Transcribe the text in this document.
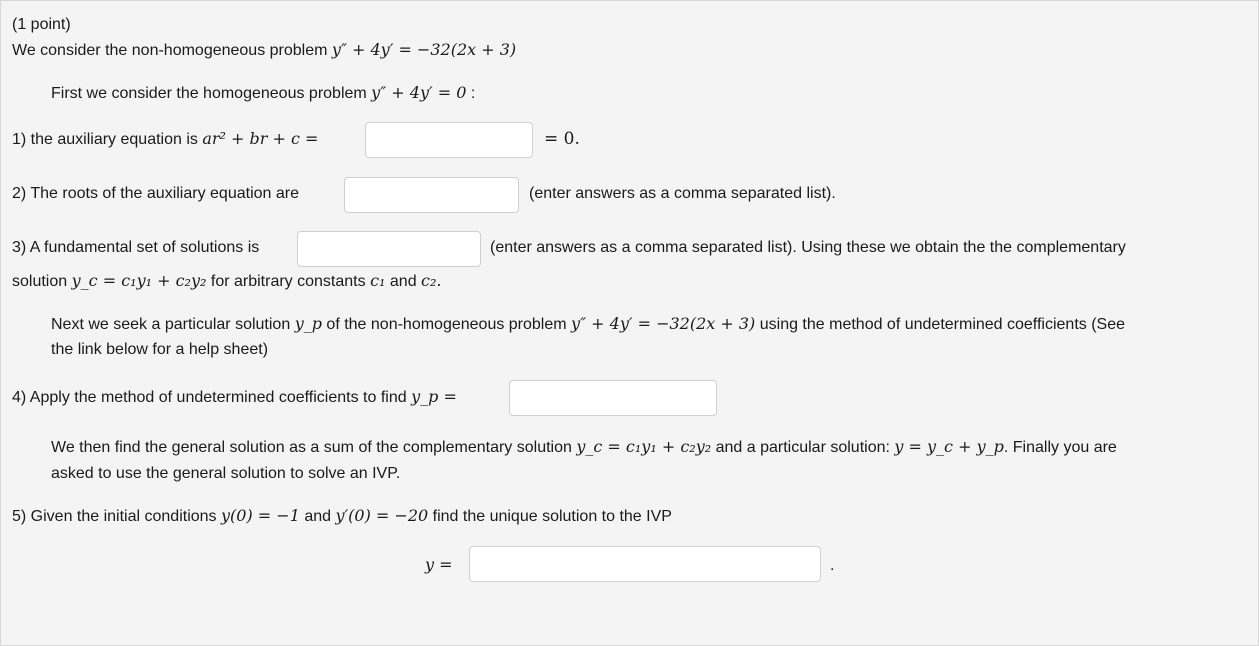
(1 point)
We consider the non-homogeneous problem y″ + 4y′ = −32(2x + 3)
First we consider the homogeneous problem y″ + 4y′ = 0 :
1) the auxiliary equation is ar² + br + c =	= 0.
2) The roots of the auxiliary equation are	(enter answers as a comma separated list).
3) A fundamental set of solutions is	(enter answers as a comma separated list). Using these we obtain the the complementary
solution y_c = c₁y₁ + c₂y₂ for arbitrary constants c₁ and c₂.
Next we seek a particular solution y_p of the non-homogeneous problem y″ + 4y′ = −32(2x + 3) using the method of undetermined coefficients (See
the link below for a help sheet)
4) Apply the method of undetermined coefficients to find y_p =
We then find the general solution as a sum of the complementary solution y_c = c₁y₁ + c₂y₂ and a particular solution: y = y_c + y_p. Finally you are
asked to use the general solution to solve an IVP.
5) Given the initial conditions y(0) = −1 and y′(0) = −20 find the unique solution to the IVP
y =	.
